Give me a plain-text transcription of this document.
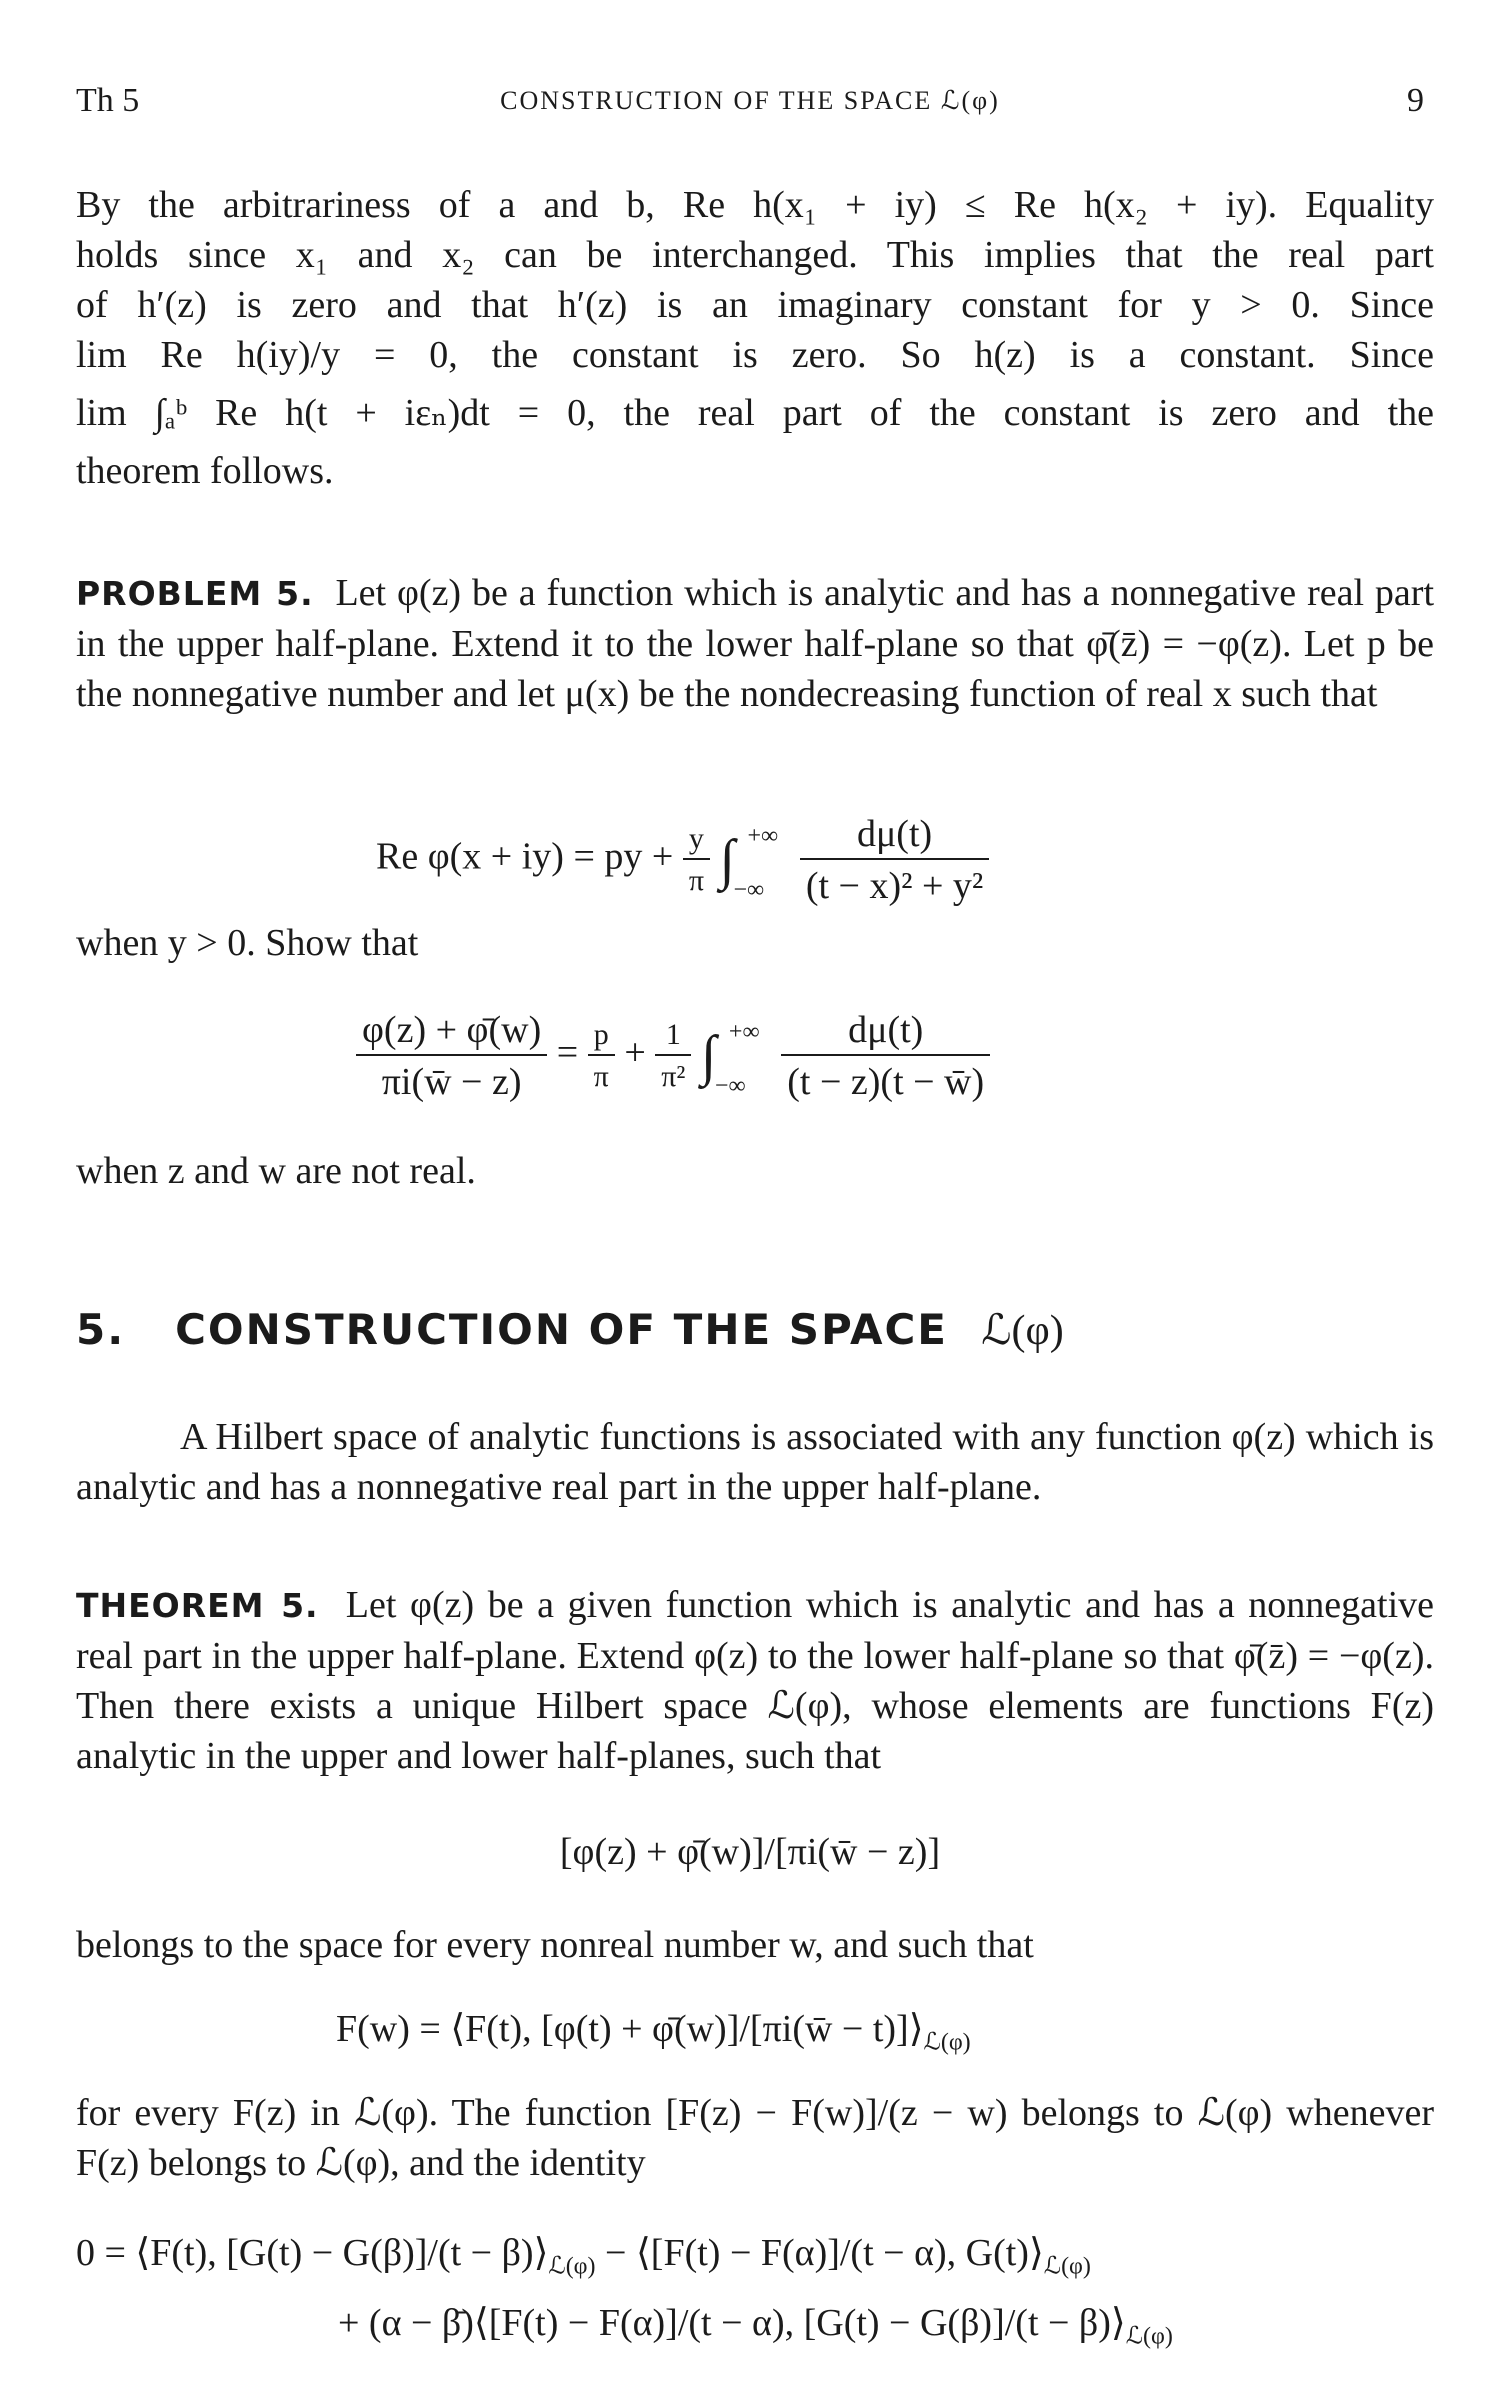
Th 5	CONSTRUCTION OF THE SPACE ℒ(φ)	9
By the arbitrariness of a and b, Re h(x₁ + iy) ≤ Re h(x₂ + iy). Equality
holds since x₁ and x₂ can be interchanged. This implies that the real part
of h′(z) is zero and that h′(z) is an imaginary constant for y > 0. Since
lim Re h(iy)/y = 0, the constant is zero. So h(z) is a constant. Since
lim ∫ₐᵇ Re h(t + iεₙ)dt = 0, the real part of the constant is zero and the
theorem follows.
PROBLEM 5. Let φ(z) be a function which is analytic and has a nonnegative real part in the upper half-plane. Extend it to the lower half-plane so that φ̄(z̄) = −φ(z). Let p be the nonnegative number and let μ(x) be the nondecreasing function of real x such that
Re φ(x + iy) = py + $\frac{y}{\pi}$ ∫ +∞
−∞
$\frac{d\mu(t)}{\text{(t − x)² + y²}}$
when y > 0. Show that
$\frac{\varphi(z) + \varphī(w)}{\pi i(w̄ - z)} = \frac{p}{\pi} + \frac{1}{\text{π²}}$ ∫ +∞
−∞
$\frac{d\mu(t)}{(t - z)(t - w̄)}$
when z and w are not real.
5. CONSTRUCTION OF THE SPACE ℒ(φ)
A Hilbert space of analytic functions is associated with any function φ(z) which is analytic and has a nonnegative real part in the upper half-plane.
THEOREM 5. Let φ(z) be a given function which is analytic and has a nonnegative real part in the upper half-plane. Extend φ(z) to the lower half-plane so that φ̄(z̄) = −φ(z). Then there exists a unique Hilbert space ℒ(φ), whose elements are functions F(z) analytic in the upper and lower half-planes, such that
[φ(z) + φ̄(w)]/[πi(w̄ − z)]
belongs to the space for every nonreal number w, and such that
F(w) = ⟨F(t), [φ(t) + φ̄(w)]/[πi(w̄ − $t)]⟩_{ℒ(\varphi)}$
for every F(z) in ℒ(φ). The function [F(z) − F(w)]/(z − w) belongs to ℒ(φ) whenever F(z) belongs to ℒ(φ), and the identity
0 = ⟨F(t), $[G(t) - G(\beta)]/(t - \beta)⟩_{ℒ(\varphi)}$ − ⟨[F(t) − F(α)]/(t − α), $G(t)⟩_{ℒ(\varphi)}$
+ (α − β̄)⟨[F(t) − F(α)]/(t − α), $[G(t) - G(\beta)]/(t - \beta)⟩_{ℒ(\varphi)}$
